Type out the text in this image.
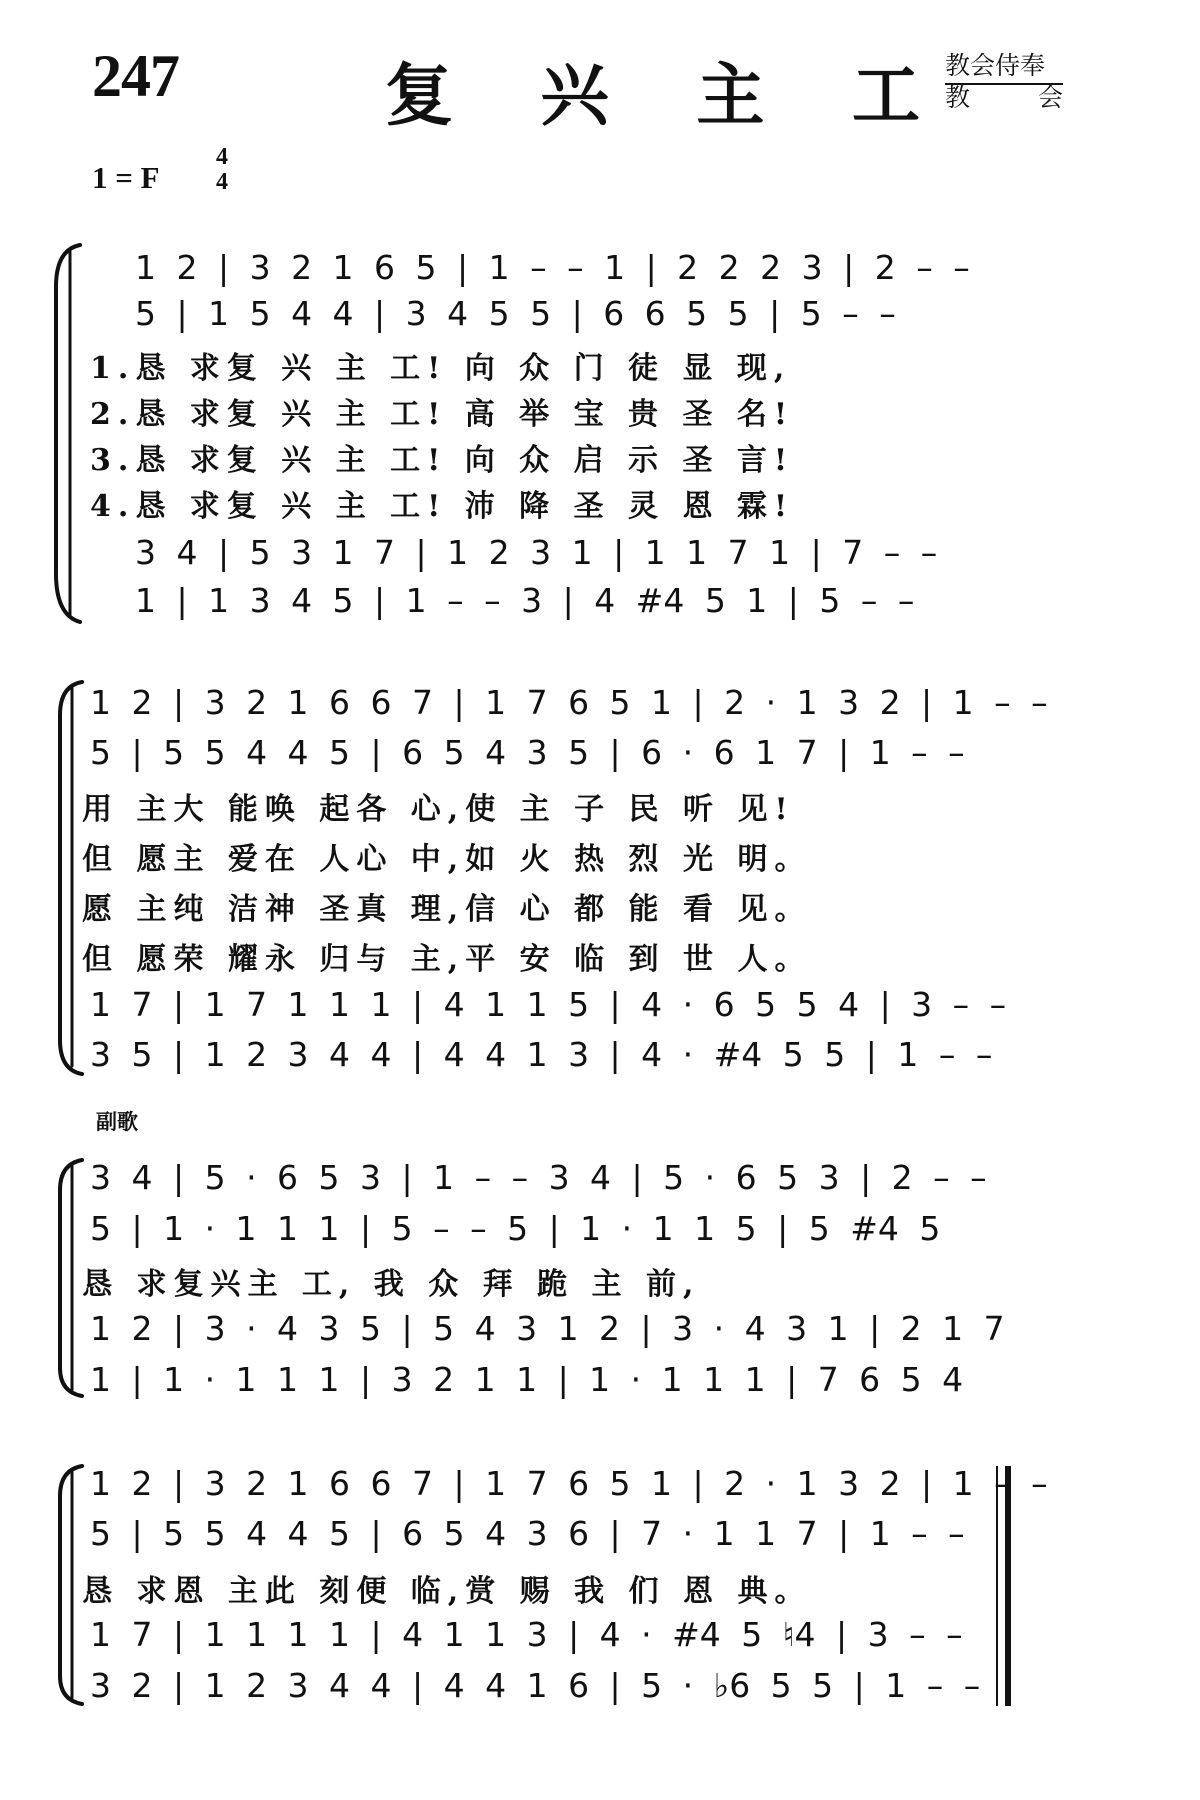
247	复 兴 主 工
教会侍奉
教 会
1 = F
4
4
1 2 | 3 2 1 6 5 | 1 – – 1 | 2 2 2 3 | 2 – –
5 | 1 5 4 4 | 3 4 5 5 | 6 6 5 5 | 5 – –
1.恳 求复 兴 主 工! 向 众 门 徒 显 现,
2.恳 求复 兴 主 工! 高 举 宝 贵 圣 名!
3.恳 求复 兴 主 工! 向 众 启 示 圣 言!
4.恳 求复 兴 主 工! 沛 降 圣 灵 恩 霖!
3 4 | 5 3 1 7 | 1 2 3 1 | 1 1 7 1 | 7 – –
1 | 1 3 4 5 | 1 – – 3 | 4 #4 5 1 | 5 – –
1 2 | 3 2 1 6 6 7 | 1 7 6 5 1 | 2 · 1 3 2 | 1 – –
5 | 5 5 4 4 5 | 6 5 4 3 5 | 6 · 6 1 7 | 1 – –
用 主大 能唤 起各 心,使 主 子 民 听 见!
但 愿主 爱在 人心 中,如 火 热 烈 光 明。
愿 主纯 洁神 圣真 理,信 心 都 能 看 见。
但 愿荣 耀永 归与 主,平 安 临 到 世 人。
1 7 | 1 7 1 1 1 | 4 1 1 5 | 4 · 6 5 5 4 | 3 – –
3 5 | 1 2 3 4 4 | 4 4 1 3 | 4 · #4 5 5 | 1 – –
副歌
3 4 | 5 · 6 5 3 | 1 – – 3 4 | 5 · 6 5 3 | 2 – –
5 | 1 · 1 1 1 | 5 – – 5 | 1 · 1 1 5 | 5 #4 5
恳 求复兴主 工, 我 众 拜 跪 主 前,
1 2 | 3 · 4 3 5 | 5 4 3 1 2 | 3 · 4 3 1 | 2 1 7
1 | 1 · 1 1 1 | 3 2 1 1 | 1 · 1 1 1 | 7 6 5 4
1 2 | 3 2 1 6 6 7 | 1 7 6 5 1 | 2 · 1 3 2 | 1 – –
5 | 5 5 4 4 5 | 6 5 4 3 6 | 7 · 1 1 7 | 1 – –
恳 求恩 主此 刻便 临,赏 赐 我 们 恩 典。
1 7 | 1 1 1 1 | 4 1 1 3 | 4 · #4 5 ♮4 | 3 – –
3 2 | 1 2 3 4 4 | 4 4 1 6 | 5 · ♭6 5 5 | 1 – –
